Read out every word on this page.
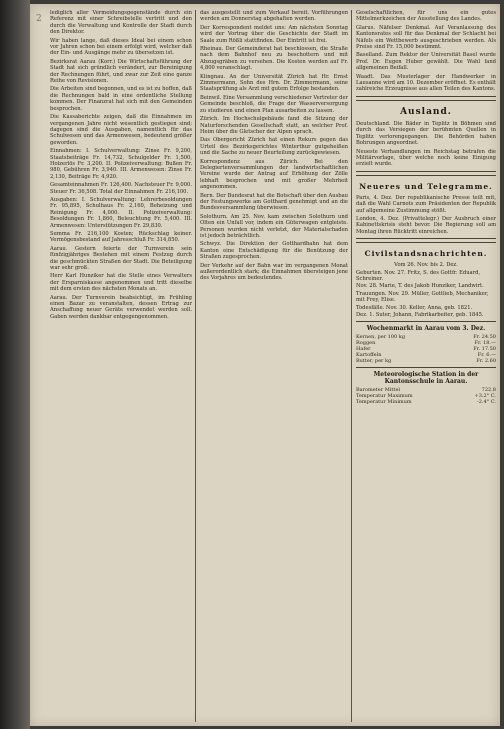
2

lediglich aller Vermeidungsgegenstände durch ein Referenz mit einer Schreibstelle vertritt und den durch die Verwaltung und Kontrolle der Stadt durch den Direktor.

Wir haben lange, daß dieses Ideal bei einem schon vor Jahren schon bei einem erfolgt wird, welcher daß der Ein- und Ausgänge mehr zu übersetzen ist.

Bezirksrat Aarau (Korr.) Die Wirtschaftsführung der Stadt hat sich gründlich verändert, zur Bereinigung der Rechnungen führt, und zwar zur Zeit eine ganze Reihe von Revisionen.

Die Arbeiten sind begonnen, und es ist zu hoffen, daß die Rechnungen bald in eine ordentliche Stellung kommen. Der Finanzrat hat sich mit den Gemeinden besprochen.

Die Kassaberichte zeigen, daß die Einnahmen im vergangenen Jahre nicht wesentlich gestiegen sind; dagegen sind die Ausgaben, namentlich für das Schulwesen und das Armenwesen, bedeutend größer geworden.

Einnahmen: I. Schulverwaltung: Zinse Fr. 9,200, Staatsbeiträge Fr. 14,732, Schulgelder Fr. 1,500, Holzerlös Fr. 3,200. II. Polizeiverwaltung: Bußen Fr. 980, Gebühren Fr. 3,940. III. Armenwesen: Zinse Fr. 2,130, Beiträge Fr. 4,920.

Gesamteinnahmen Fr. 126,400. Nachsteuer Fr. 9,000. Steuer Fr. 36,508. Total der Einnahmen Fr. 216,100.

Ausgaben: I. Schulverwaltung: Lehrerbesoldungen Fr. 95,895, Schulhaus Fr. 2,160, Beheizung und Reinigung Fr. 4,000. II. Polizeiverwaltung: Besoldungen Fr. 1,860, Beleuchtung Fr. 5,400. III. Armenwesen: Unterstützungen Fr. 29,830.

Summa Fr. 216,100 Kosten; Rückschlag keiner. Vermögensbestand auf Jahresschluß Fr. 314,850.

Aarau. Gestern feierte der Turnverein sein fünfzigjähriges Bestehen mit einem Festzug durch die geschmückten Straßen der Stadt. Die Beteiligung war sehr groß.

Herr Karl Hunziker hat die Stelle eines Verwalters der Ersparniskasse angenommen und tritt dieselbe mit dem ersten des nächsten Monats an.

Aarau. Der Turnverein beabsichtigt, im Frühling einen Bazar zu veranstalten, dessen Ertrag zur Anschaffung neuer Geräte verwendet werden soll. Gaben werden dankbar entgegengenommen.

das ausgestellt und zum Verkauf bereit. Vorführungen werden am Donnerstag abgehalten werden.

Der Korrespondent meldet uns: Am nächsten Sonntag wird der Vortrag über die Geschichte der Stadt im Saale zum Rößli stattfinden. Der Eintritt ist frei.

Rheinau. Der Gemeinderat hat beschlossen, die Straße nach dem Bahnhof neu zu beschottern und mit Abzugsgräben zu versehen. Die Kosten werden auf Fr. 4,800 veranschlagt.

Klingnau. An der Universität Zürich hat Hr. Ernst Zimmermann, Sohn des Hrn. Dr. Zimmermann, seine Staatsprüfung als Arzt mit gutem Erfolge bestanden.

Beinwil. Eine Versammlung verschiedener Vertreter der Gemeinde beschloß, die Frage der Wasserversorgung zu studieren und einen Plan ausarbeiten zu lassen.

Zürich. Im Hochschulgebäude fand die Sitzung der Naturforschenden Gesellschaft statt, an welcher Prof. Heim über die Gletscher der Alpen sprach.

Das Obergericht Zürich hat einen Rekurs gegen das Urteil des Bezirksgerichtes Winterthur gutgeheißen und die Sache zu neuer Beurteilung zurückgewiesen.

Korrespondenz aus Zürich. Bei den Delegiertenversammlungen der landwirtschaftlichen Vereine wurde der Antrag auf Erhöhung der Zölle lebhaft besprochen und mit großer Mehrheit angenommen.

Bern. Der Bundesrat hat die Botschaft über den Ausbau der Festungswerke am Gotthard genehmigt und an die Bundesversammlung überwiesen.

Solothurn. Am 25. Nov. kam zwischen Solothurn und Olten ein Unfall vor, indem ein Güterwagen entgleiste. Personen wurden nicht verletzt, der Materialschaden ist jedoch beträchtlich.

Schwyz. Die Direktion der Gotthardbahn hat dem Kanton eine Entschädigung für die Benützung der Straßen zugesprochen.

Der Verkehr auf der Bahn war im vergangenen Monat außerordentlich stark; die Einnahmen übersteigen jene des Vorjahres um bedeutendes.

Geselschaftlichen, für uns ein gutes Mittelmerkzeichen der Ausstellung des Landes.

Glarus. Näfelser Denkmal. Auf Veranlassung des Kantonsrates soll für das Denkmal der Schlacht bei Näfels ein Wettbewerb ausgeschrieben werden. Als Preise sind Fr. 15,000 bestimmt.

Baselland. Zum Rektor der Universität Basel wurde Prof. Dr. Eugen Huber gewählt. Die Wahl fand allgemeinen Beifall.

Waadt. Das Musterlager der Handwerker in Lausanne wird am 10. Dezember eröffnet. Es enthält zahlreiche Erzeugnisse aus allen Teilen des Kantons.

Ausland.

Deutschland. Die Bäder in Teplitz in Böhmen sind durch das Versiegen der berühmten Quellen in Teplitz verlorengegangen. Die Behörden haben Bohrungen angeordnet.

Neueste Verhandlungen im Reichstag betrafen die Militärvorlage, über welche noch keine Einigung erzielt wurde.

Neueres und Telegramme.

Paris, 4. Dez. Der republikanische Presse teilt mit, daß die Wahl Carnots zum Präsidenten der Republik auf allgemeine Zustimmung stößt.

London, 4. Dez. (Privattelegr.) Der Ausbruch einer Kabinettskrisis steht bevor. Die Regierung soll am Montag ihren Rücktritt einreichen.

Civilstandsnachrichten.
Vom 26. Nov. bis 2. Dez.
Geburten. Nov. 27. Fritz, S. des Gottfr. Eduard, Schreiner.
Nov. 28. Marie, T. des Jakob Hunziker, Landwirt.
Trauungen. Nov. 29. Müller, Gottlieb, Mechaniker, mit Frey, Elise.
Todesfälle. Nov. 30. Keller, Anna, geb. 1821.
Dez. 1. Suter, Johann, Fabrikarbeiter, geb. 1845.
Wochenmarkt in Aarau vom 3. Dez.
Kernen, per 100 kg	Fr. 24.50
Roggen	Fr. 18.—
Hafer	Fr. 17.50
Kartoffeln	Fr. 6.—
Butter, per kg	Fr. 2.60
Meteorologische Station in der Kantonsschule in Aarau.
Barometer Mittel	722.8
Temperatur Maximum	+3.2° C.
Temperatur Minimum	-2.4° C.
